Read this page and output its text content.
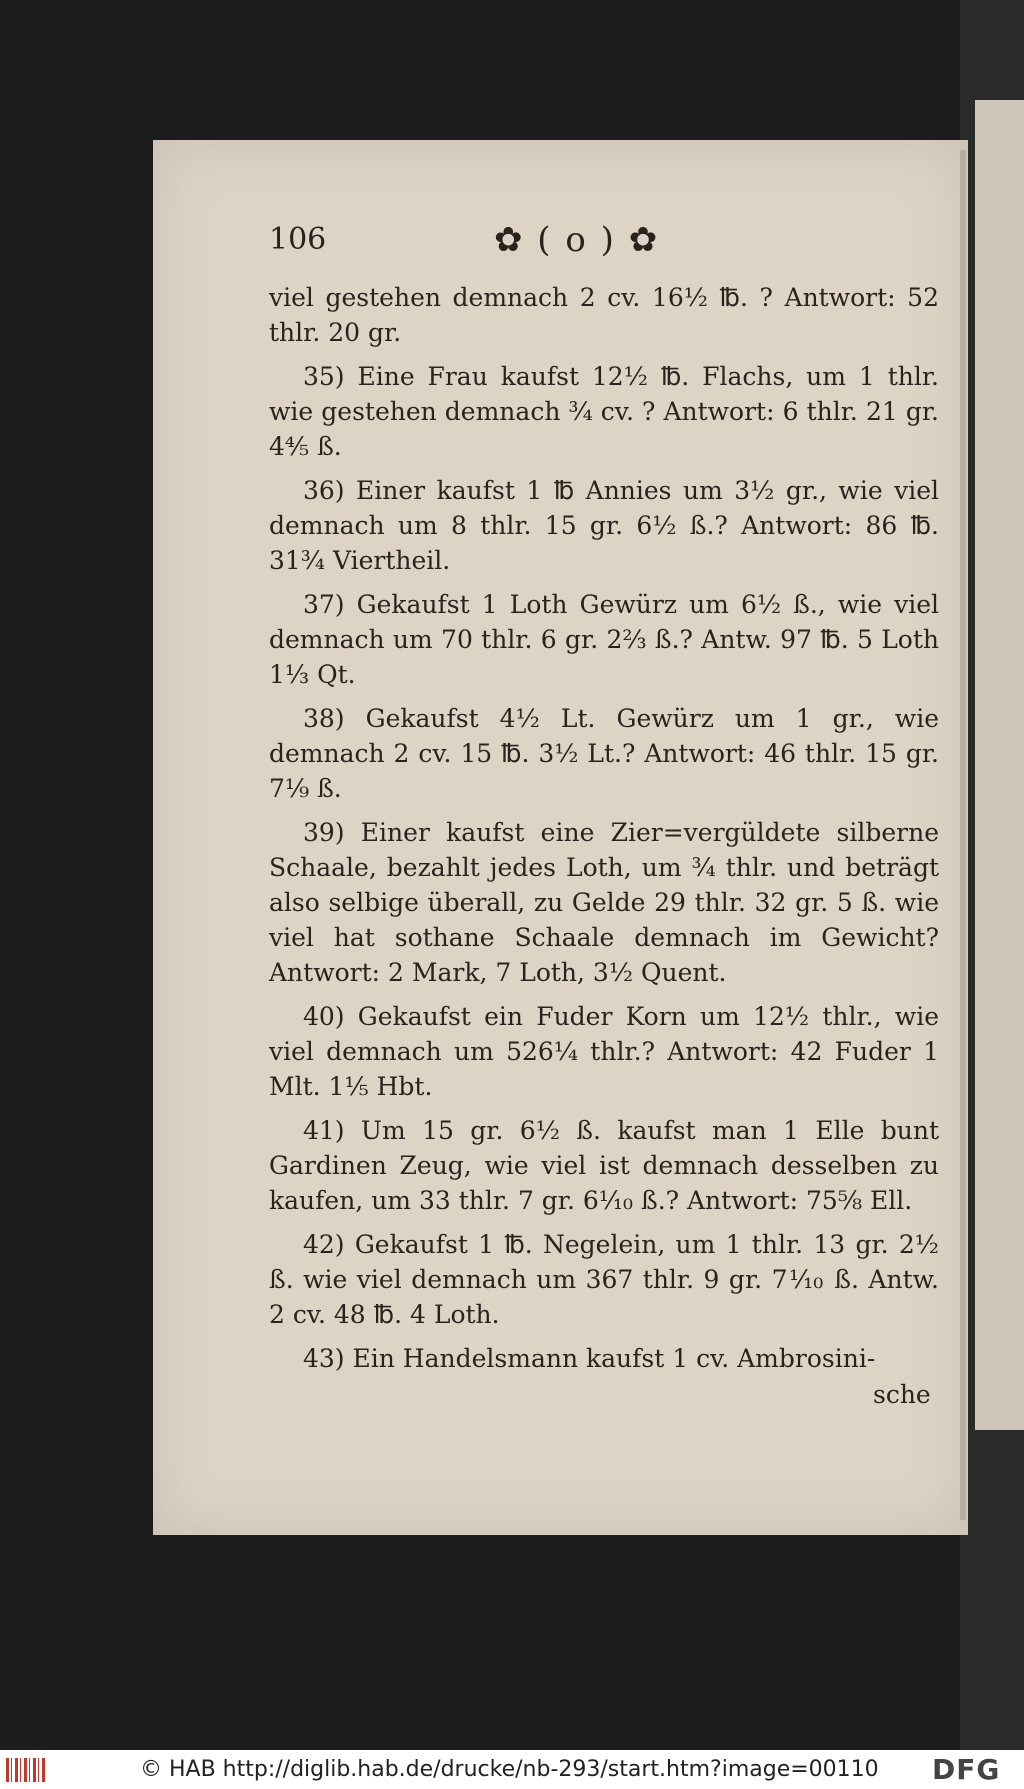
106	✿ ( o ) ✿

viel gestehen demnach 2 cv. 16½ ℔. ? Antwort: 52 thlr. 20 gr.

35) Eine Frau kaufst 12½ ℔. Flachs, um 1 thlr. wie gestehen demnach ¾ cv. ? Antwort: 6 thlr. 21 gr. 4⅘ ß.

36) Einer kaufst 1 ℔ Annies um 3½ gr., wie viel demnach um 8 thlr. 15 gr. 6½ ß.? Antwort: 86 ℔. 31¾ Viertheil.

37) Gekaufst 1 Loth Gewürz um 6½ ß., wie viel demnach um 70 thlr. 6 gr. 2⅔ ß.? Antw. 97 ℔. 5 Loth 1⅓ Qt.

38) Gekaufst 4½ Lt. Gewürz um 1 gr., wie demnach 2 cv. 15 ℔. 3½ Lt.? Antwort: 46 thlr. 15 gr. 7⅑ ß.

39) Einer kaufst eine Zier=vergüldete silberne Schaale, bezahlt jedes Loth, um ¾ thlr. und beträgt also selbige überall, zu Gelde 29 thlr. 32 gr. 5 ß. wie viel hat sothane Schaale demnach im Gewicht? Antwort: 2 Mark, 7 Loth, 3½ Quent.

40) Gekaufst ein Fuder Korn um 12½ thlr., wie viel demnach um 526¼ thlr.? Antwort: 42 Fuder 1 Mlt. 1⅕ Hbt.

41) Um 15 gr. 6½ ß. kaufst man 1 Elle bunt Gardinen Zeug, wie viel ist demnach desselben zu kaufen, um 33 thlr. 7 gr. 6⅒ ß.? Antwort: 75⅝ Ell.

42) Gekaufst 1 ℔. Negelein, um 1 thlr. 13 gr. 2½ ß. wie viel demnach um 367 thlr. 9 gr. 7⅒ ß. Antw. 2 cv. 48 ℔. 4 Loth.

43) Ein Handelsmann kaufst 1 cv. Ambrosini-

sche
© HAB http://diglib.hab.de/drucke/nb-293/start.htm?image=00110 DFG
